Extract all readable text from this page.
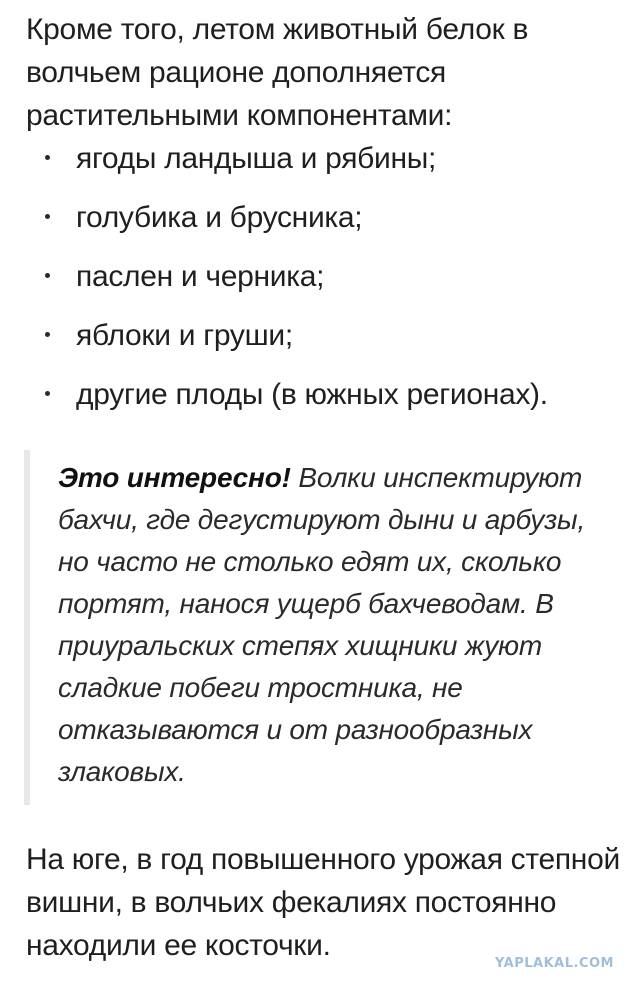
Кроме того, летом животный белок в волчьем рационе дополняется растительными компонентами:

ягоды ландыша и рябины;
голубика и брусника;
паслен и черника;
яблоки и груши;
другие плоды (в южных регионах).

Это интересно! Волки инспектируют бахчи, где дегустируют дыни и арбузы, но часто не столько едят их, сколько портят, нанося ущерб бахчеводам. В приуральских степях хищники жуют сладкие побеги тростника, не отказываются и от разнообразных злаковых.

На юге, в год повышенного урожая степной вишни, в волчьих фекалиях постоянно находили ее косточки.

YAPLAKAL.COM
